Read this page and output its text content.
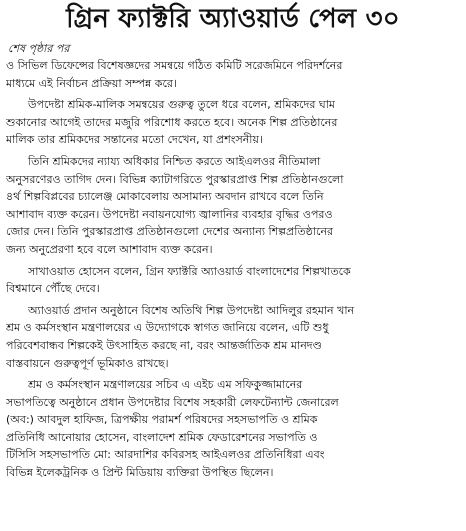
গ্রিন ফ্যাক্টরি অ্যাওয়ার্ড পেল ৩০
শেষ পৃষ্ঠার পর

ও সিভিল ডিফেন্সের বিশেষজ্ঞদের সমন্বয়ে গঠিত কমিটি সরেজমিনে পরিদর্শনের
মাধ্যমে এই নির্বাচন প্রক্রিয়া সম্পন্ন করে।

উপদেষ্টা শ্রমিক-মালিক সমন্বয়ের গুরুত্ব তুলে ধরে বলেন, শ্রমিকদের ঘাম
শুকানোর আগেই তাদের মজুরি পরিশোধ করতে হবে। অনেক শিল্প প্রতিষ্ঠানের
মালিক তার শ্রমিকদের সন্তানের মতো দেখেন, যা প্রশংসনীয়।

তিনি শ্রমিকদের ন্যায্য অধিকার নিশ্চিত করতে আইএলওর নীতিমালা
অনুসরণেরও তাগিদ দেন। বিভিন্ন ক্যাটাগরিতে পুরস্কারপ্রাপ্ত শিল্প প্রতিষ্ঠানগুলো
৪র্থ শিল্পবিপ্লবের চ্যালেঞ্জ মোকাবেলায় অসামান্য অবদান রাখবে বলে তিনি
আশাবাদ ব্যক্ত করেন। উপদেষ্টা নবায়নযোগ্য জ্বালানির ব্যবহার বৃদ্ধির ওপরও
জোর দেন। তিনি পুরস্কারপ্রাপ্ত প্রতিষ্ঠানগুলো দেশের অন্যান্য শিল্পপ্রতিষ্ঠানের
জন্য অনুপ্রেরণা হবে বলে আশাবাদ ব্যক্ত করেন।

সাখাওয়াত হোসেন বলেন, গ্রিন ফ্যাক্টরি অ্যাওয়ার্ড বাংলাদেশের শিল্পখাতকে
বিশ্বমানে পৌঁছে দেবে।

অ্যাওয়ার্ড প্রদান অনুষ্ঠানে বিশেষ অতিথি শিল্প উপদেষ্টা আদিলুর রহমান খান
শ্রম ও কর্মসংস্থান মন্ত্রণালয়ের এ উদ্যোগকে স্বাগত জানিয়ে বলেন, এটি শুধু
পরিবেশবান্ধব শিল্পকেই উৎসাহিত করছে না, বরং আন্তর্জাতিক শ্রম মানদণ্ড
বাস্তবায়নে গুরুত্বপূর্ণ ভূমিকাও রাখছে।

শ্রম ও কর্মসংস্থান মন্ত্রণালয়ের সচিব এ এইচ এম সফিকুজ্জামানের
সভাপতিত্বে অনুষ্ঠানে প্রধান উপদেষ্টার বিশেষ সহকারী লেফটেন্যান্ট জেনারেল
(অব:) আবদুল হাফিজ, ত্রিপক্ষীয় পরামর্শ পরিষদের সহসভাপতি ও শ্রমিক
প্রতিনিধি আনোয়ার হোসেন, বাংলাদেশ শ্রমিক ফেডারেশনের সভাপতি ও
টিসিসি সহসভাপতি মো: আরদাশির কবিরসহ আইএলওর প্রতিনিধিরা এবং
বিভিন্ন ইলেকট্রনিক ও প্রিন্ট মিডিয়ায় ব্যক্তিরা উপস্থিত ছিলেন।
